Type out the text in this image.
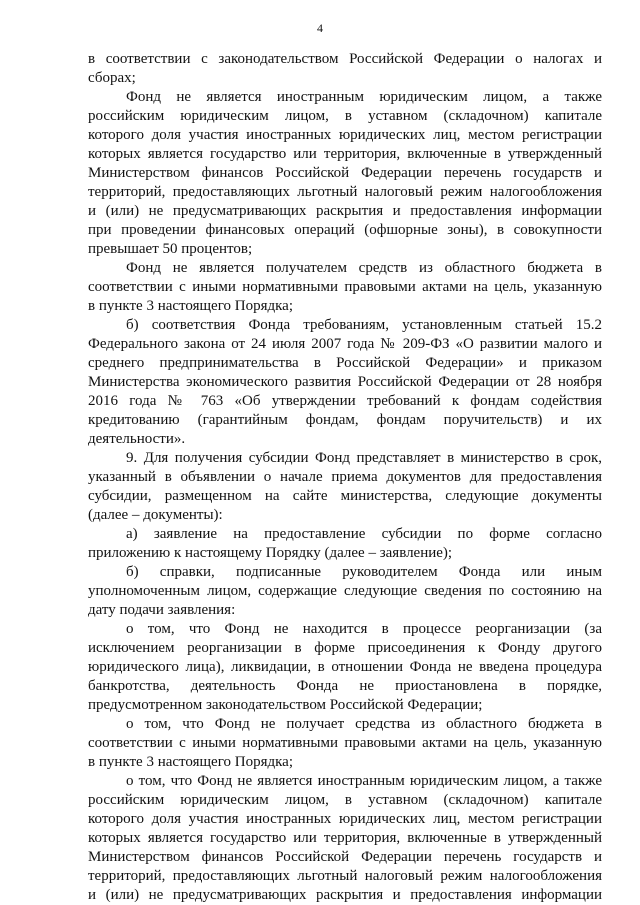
4
в соответствии с законодательством Российской Федерации о налогах и
сборах;
Фонд не является иностранным юридическим лицом, а также
российским юридическим лицом, в уставном (складочном) капитале
которого доля участия иностранных юридических лиц, местом регистрации
которых является государство или территория, включенные в утвержденный
Министерством финансов Российской Федерации перечень государств и
территорий, предоставляющих льготный налоговый режим налогообложения
и (или) не предусматривающих раскрытия и предоставления информации
при проведении финансовых операций (офшорные зоны), в совокупности
превышает 50 процентов;
Фонд не является получателем средств из областного бюджета в
соответствии с иными нормативными правовыми актами на цель, указанную
в пункте 3 настоящего Порядка;
б) соответствия Фонда требованиям, установленным статьей 15.2
Федерального закона от 24 июля 2007 года № 209-ФЗ «О развитии малого и
среднего предпринимательства в Российской Федерации» и приказом
Министерства экономического развития Российской Федерации от 28 ноября
2016 года № 763 «Об утверждении требований к фондам содействия
кредитованию (гарантийным фондам, фондам поручительств) и их
деятельности».
9. Для получения субсидии Фонд представляет в министерство в срок,
указанный в объявлении о начале приема документов для предоставления
субсидии, размещенном на сайте министерства, следующие документы
(далее – документы):
а) заявление на предоставление субсидии по форме согласно
приложению к настоящему Порядку (далее – заявление);
б) справки, подписанные руководителем Фонда или иным
уполномоченным лицом, содержащие следующие сведения по состоянию на
дату подачи заявления:
о том, что Фонд не находится в процессе реорганизации (за
исключением реорганизации в форме присоединения к Фонду другого
юридического лица), ликвидации, в отношении Фонда не введена процедура
банкротства, деятельность Фонда не приостановлена в порядке,
предусмотренном законодательством Российской Федерации;
о том, что Фонд не получает средства из областного бюджета в
соответствии с иными нормативными правовыми актами на цель, указанную
в пункте 3 настоящего Порядка;
о том, что Фонд не является иностранным юридическим лицом, а также
российским юридическим лицом, в уставном (складочном) капитале
которого доля участия иностранных юридических лиц, местом регистрации
которых является государство или территория, включенные в утвержденный
Министерством финансов Российской Федерации перечень государств и
территорий, предоставляющих льготный налоговый режим налогообложения
и (или) не предусматривающих раскрытия и предоставления информации
